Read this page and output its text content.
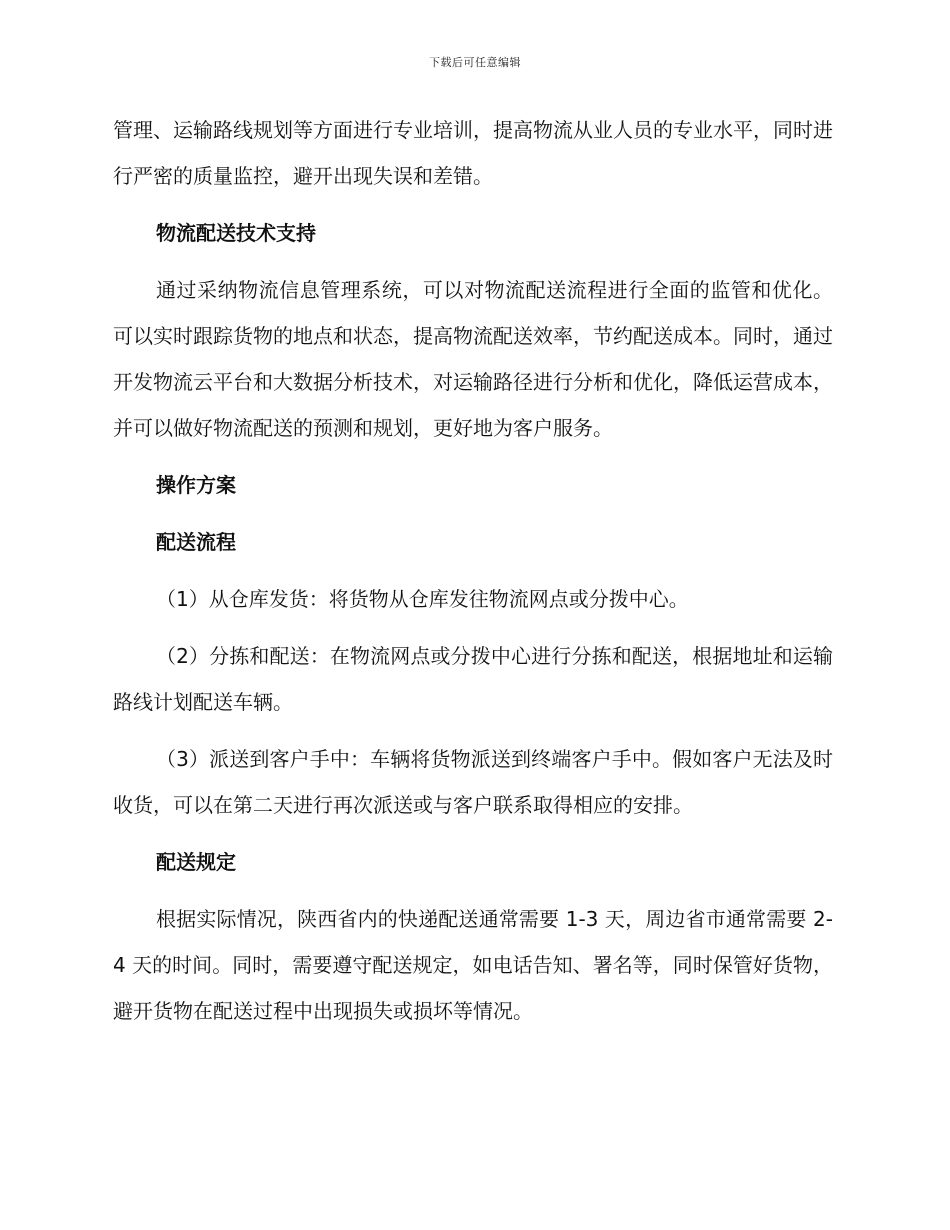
下载后可任意编辑

管理、运输路线规划等方面进行专业培训，提高物流从业人员的专业水平，同时进行严密的质量监控，避开出现失误和差错。

物流配送技术支持

通过采纳物流信息管理系统，可以对物流配送流程进行全面的监管和优化。可以实时跟踪货物的地点和状态，提高物流配送效率，节约配送成本。同时，通过开发物流云平台和大数据分析技术，对运输路径进行分析和优化，降低运营成本，并可以做好物流配送的预测和规划，更好地为客户服务。

操作方案
配送流程

（1）从仓库发货：将货物从仓库发往物流网点或分拨中心。

（2）分拣和配送：在物流网点或分拨中心进行分拣和配送，根据地址和运输路线计划配送车辆。

（3）派送到客户手中：车辆将货物派送到终端客户手中。假如客户无法及时收货，可以在第二天进行再次派送或与客户联系取得相应的安排。

配送规定

根据实际情况，陕西省内的快递配送通常需要 1-3 天，周边省市通常需要 2-4 天的时间。同时，需要遵守配送规定，如电话告知、署名等，同时保管好货物，避开货物在配送过程中出现损失或损坏等情况。
